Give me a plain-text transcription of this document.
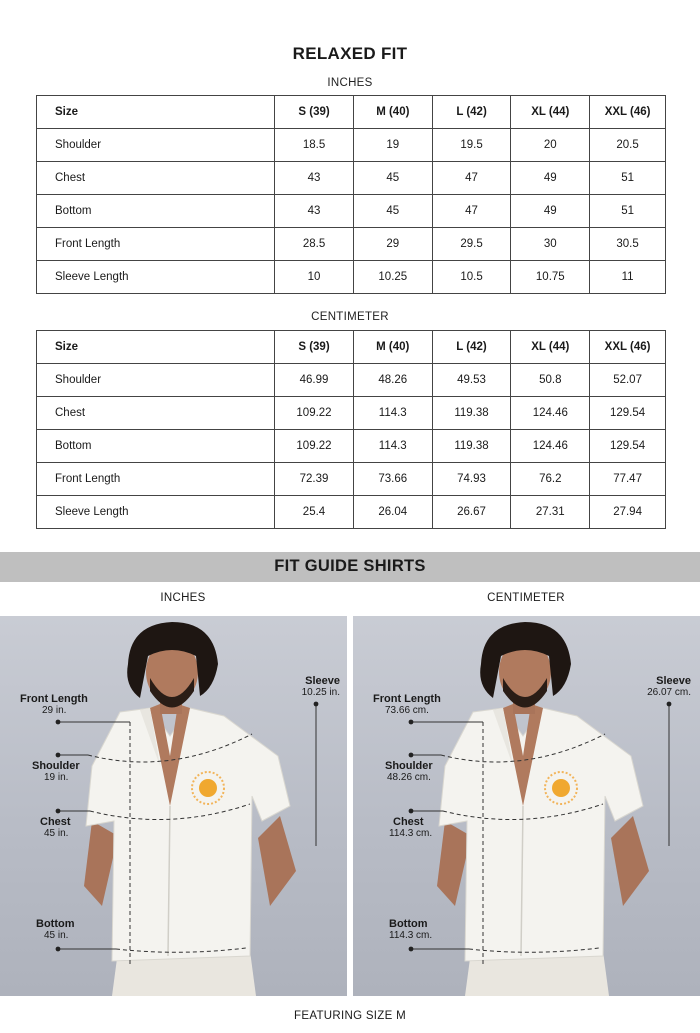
RELAXED FIT
INCHES
Size	S (39)	M (40)	L (42)	XL (44)	XXL (46)
Shoulder	18.5	19	19.5	20	20.5
Chest	43	45	47	49	51
Bottom	43	45	47	49	51
Front Length	28.5	29	29.5	30	30.5
Sleeve Length	10	10.25	10.5	10.75	11
CENTIMETER
Size	S (39)	M (40)	L (42)	XL (44)	XXL (46)
Shoulder	46.99	48.26	49.53	50.8	52.07
Chest	109.22	114.3	119.38	124.46	129.54
Bottom	109.22	114.3	119.38	124.46	129.54
Front Length	72.39	73.66	74.93	76.2	77.47
Sleeve Length	25.4	26.04	26.67	27.31	27.94
FIT GUIDE SHIRTS
INCHES	CENTIMETER
Front Length
29 in.
Shoulder
19 in.
Chest
45 in.
Bottom
45 in.
Sleeve
10.25 in.
Front Length
73.66 cm.
Shoulder
48.26 cm.
Chest
114.3 cm.
Bottom
114.3 cm.
Sleeve
26.07 cm.
FEATURING SIZE M
